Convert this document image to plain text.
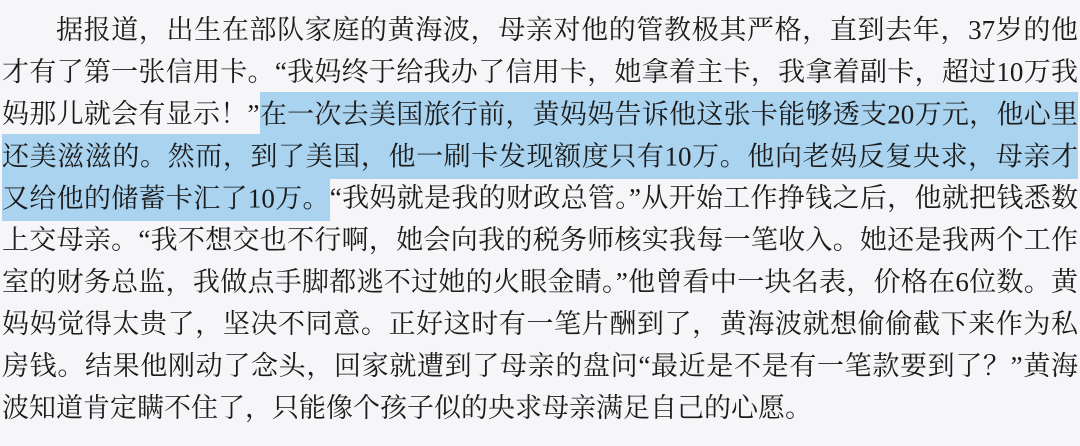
据报道，出生在部队家庭的黄海波，母亲对他的管教极其严格，直到去年，37岁的他才有了第一张信用卡。“我妈终于给我办了信用卡，她拿着主卡，我拿着副卡，超过10万我妈那儿就会有显示！”在一次去美国旅行前，黄妈妈告诉他这张卡能够透支20万元，他心里还美滋滋的。然而，到了美国，他一刷卡发现额度只有10万。他向老妈反复央求，母亲才又给他的储蓄卡汇了10万。“我妈就是我的财政总管。”从开始工作挣钱之后，他就把钱悉数上交母亲。“我不想交也不行啊，她会向我的税务师核实我每一笔收入。她还是我两个工作室的财务总监，我做点手脚都逃不过她的火眼金睛。”他曾看中一块名表，价格在6位数。黄妈妈觉得太贵了，坚决不同意。正好这时有一笔片酬到了，黄海波就想偷偷截下来作为私房钱。结果他刚动了念头，回家就遭到了母亲的盘问“最近是不是有一笔款要到了？”黄海波知道肯定瞒不住了，只能像个孩子似的央求母亲满足自己的心愿。
